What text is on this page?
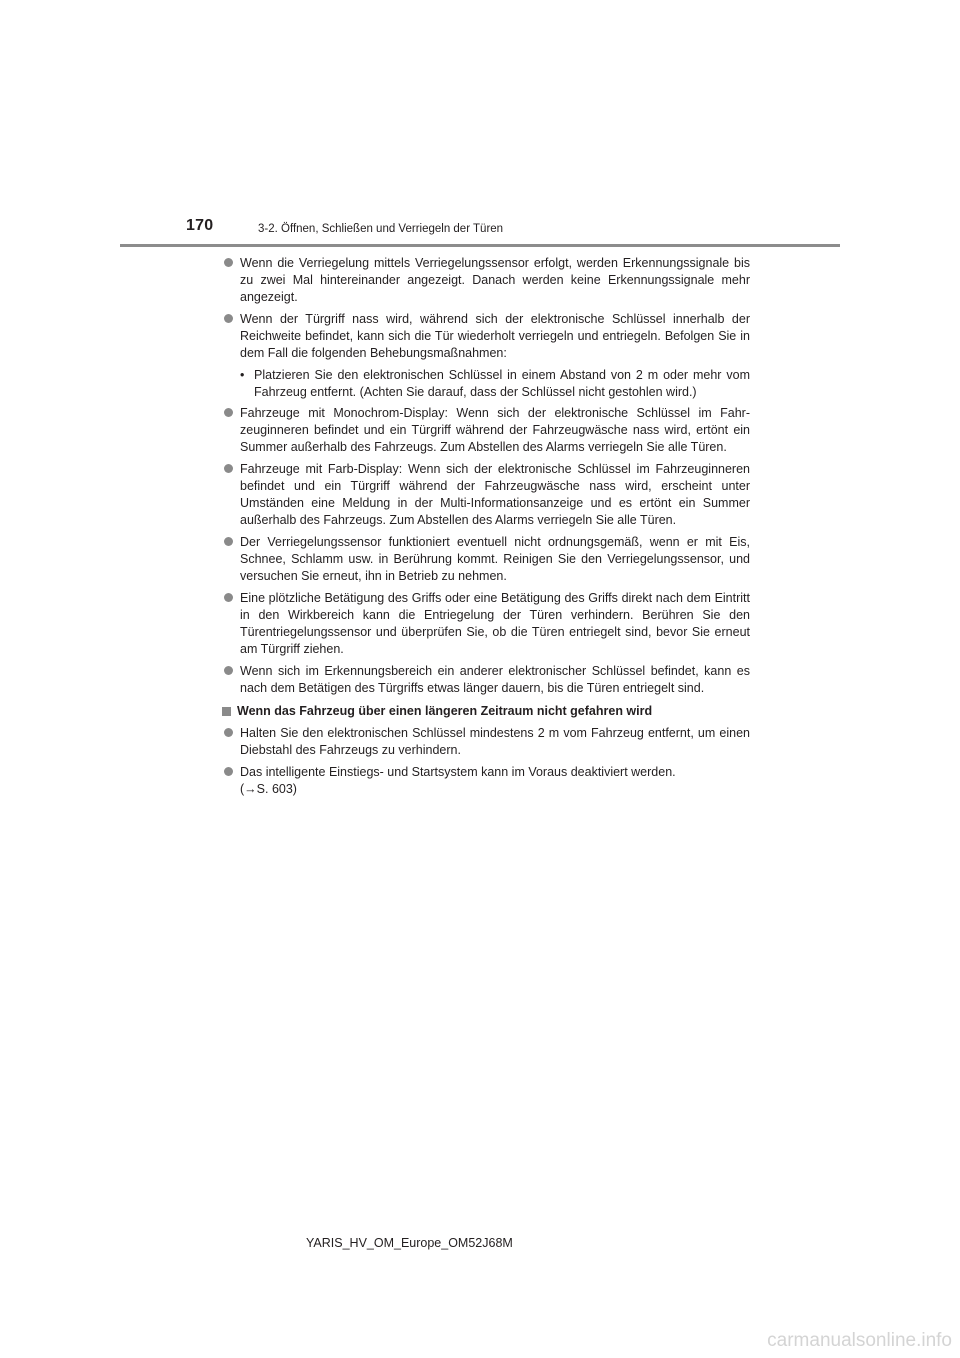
170	3-2. Öffnen, Schließen und Verriegeln der Türen
Wenn die Verriegelung mittels Verriegelungssensor erfolgt, werden Erkennungssignale bis zu zwei Mal hintereinander angezeigt. Danach werden keine Erkennungssignale mehr angezeigt.
Wenn der Türgriff nass wird, während sich der elektronische Schlüssel innerhalb der Reichweite befindet, kann sich die Tür wiederholt verriegeln und entriegeln. Befolgen Sie in dem Fall die folgenden Behebungsmaßnahmen:
• Platzieren Sie den elektronischen Schlüssel in einem Abstand von 2 m oder mehr vom Fahrzeug entfernt. (Achten Sie darauf, dass der Schlüssel nicht gestohlen wird.)
Fahrzeuge mit Monochrom-Display: Wenn sich der elektronische Schlüssel im Fahrzeuginneren befindet und ein Türgriff während der Fahrzeugwäsche nass wird, ertönt ein Summer außerhalb des Fahrzeugs. Zum Abstellen des Alarms verriegeln Sie alle Türen.
Fahrzeuge mit Farb-Display: Wenn sich der elektronische Schlüssel im Fahrzeuginneren befindet und ein Türgriff während der Fahrzeugwäsche nass wird, erscheint unter Umständen eine Meldung in der Multi-Informationsanzeige und es ertönt ein Summer außerhalb des Fahrzeugs. Zum Abstellen des Alarms verriegeln Sie alle Türen.
Der Verriegelungssensor funktioniert eventuell nicht ordnungsgemäß, wenn er mit Eis, Schnee, Schlamm usw. in Berührung kommt. Reinigen Sie den Verriegelungssensor, und versuchen Sie erneut, ihn in Betrieb zu nehmen.
Eine plötzliche Betätigung des Griffs oder eine Betätigung des Griffs direkt nach dem Eintritt in den Wirkbereich kann die Entriegelung der Türen verhindern. Berühren Sie den Türentriegelungssensor und überprüfen Sie, ob die Türen entriegelt sind, bevor Sie erneut am Türgriff ziehen.
Wenn sich im Erkennungsbereich ein anderer elektronischer Schlüssel befindet, kann es nach dem Betätigen des Türgriffs etwas länger dauern, bis die Türen entriegelt sind.
Wenn das Fahrzeug über einen längeren Zeitraum nicht gefahren wird
Halten Sie den elektronischen Schlüssel mindestens 2 m vom Fahrzeug entfernt, um einen Diebstahl des Fahrzeugs zu verhindern.
Das intelligente Einstiegs- und Startsystem kann im Voraus deaktiviert werden.
(→S. 603)
YARIS_HV_OM_Europe_OM52J68M
carmanualsonline.info
